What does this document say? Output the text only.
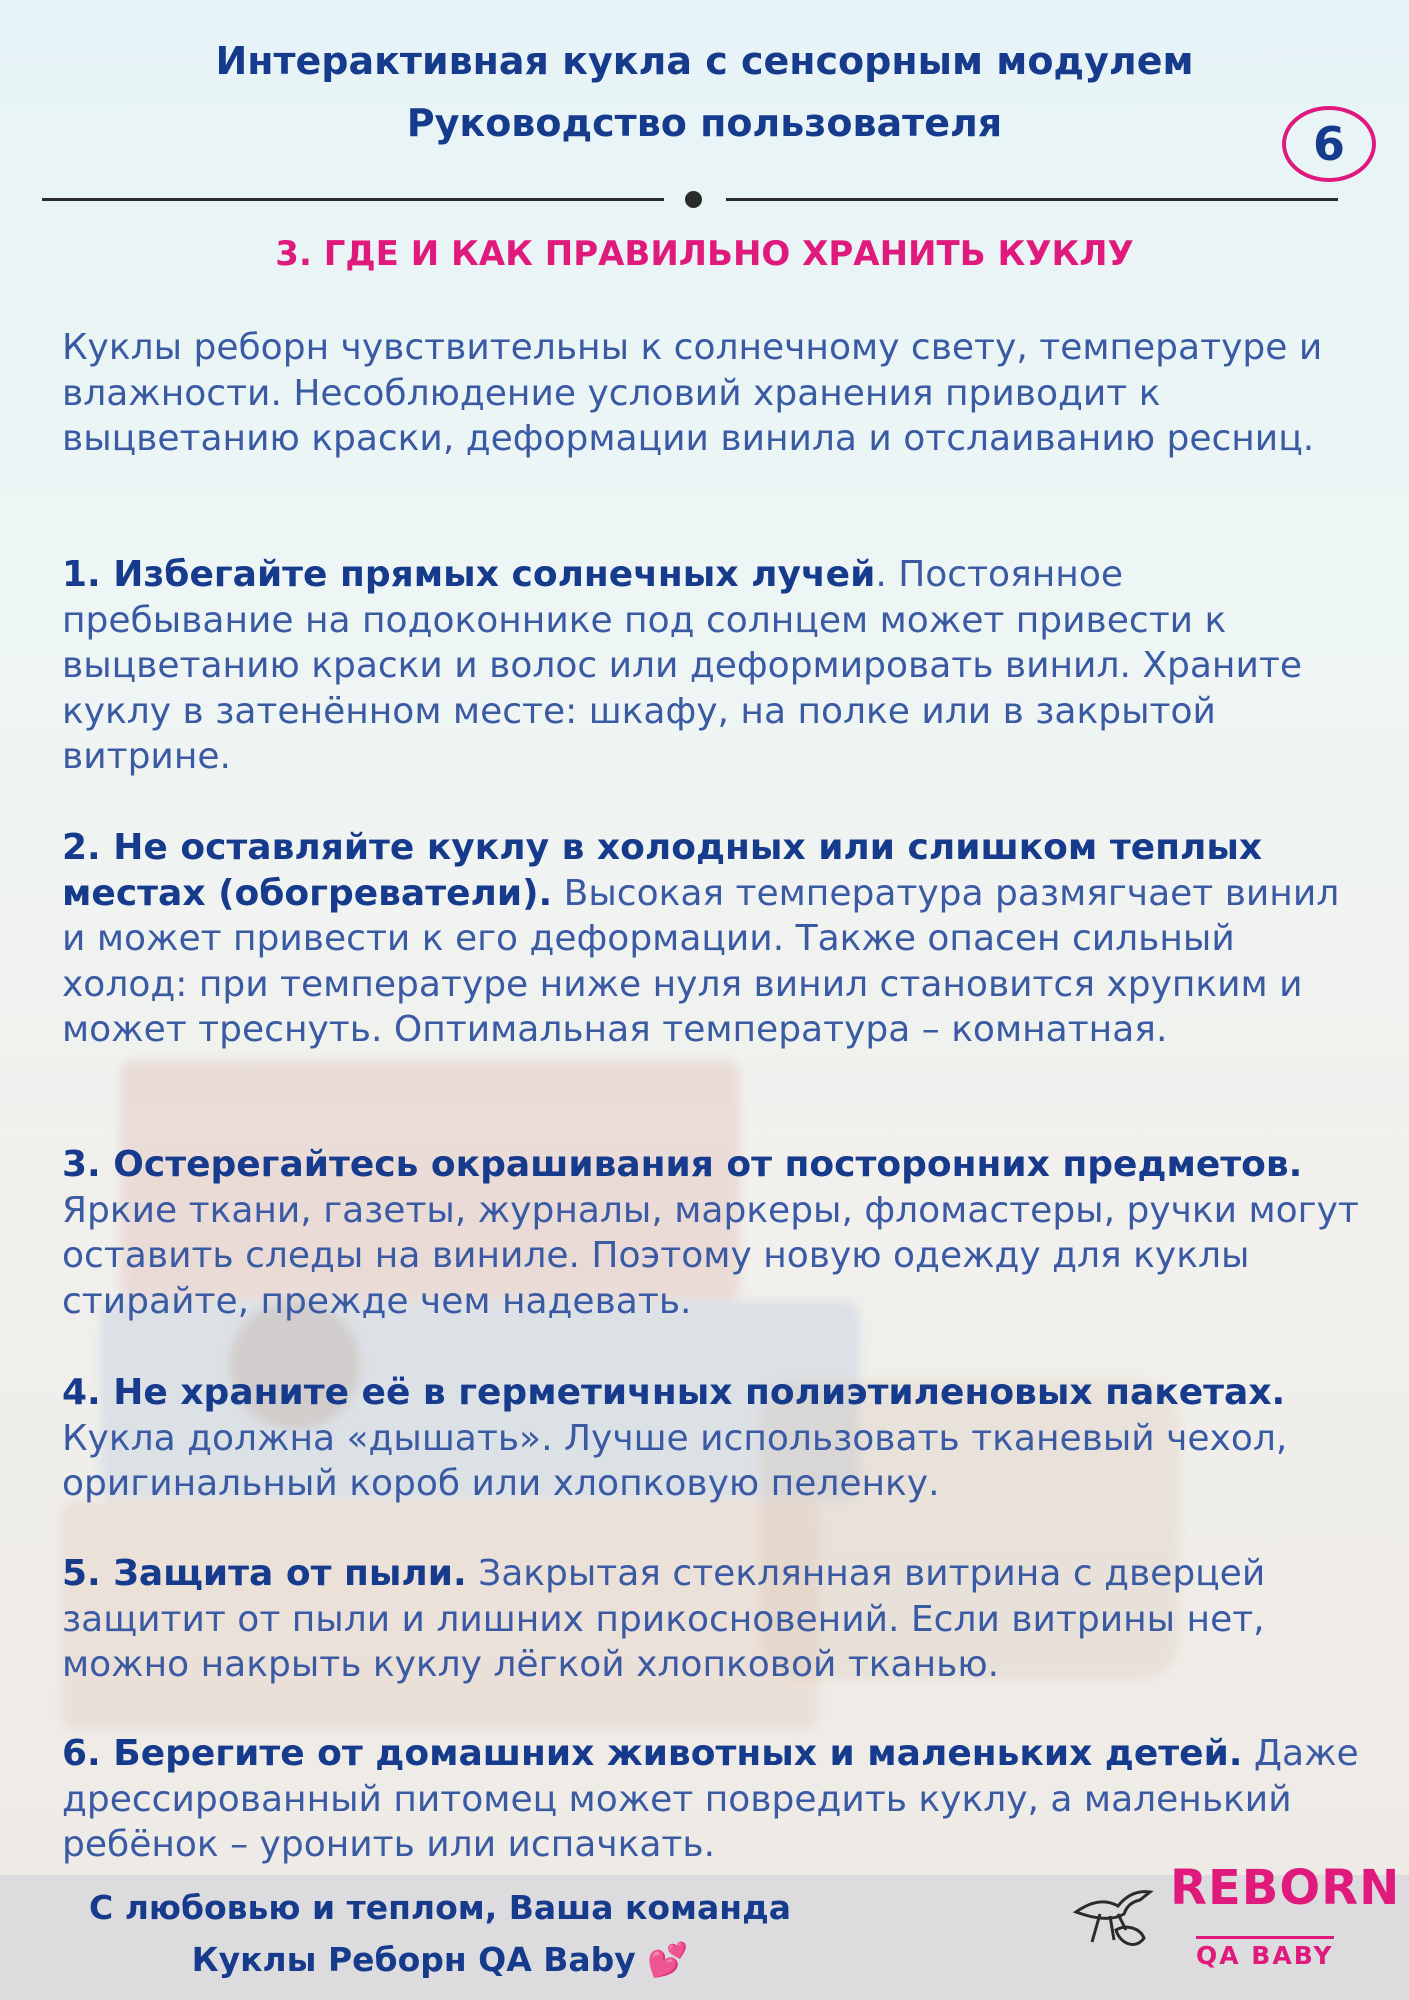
Интерактивная кукла с сенсорным модулем
Руководство пользователя	6
3. ГДЕ И КАК ПРАВИЛЬНО ХРАНИТЬ КУКЛУ
Куклы реборн чувствительны к солнечному свету, температуре и влажности. Несоблюдение условий хранения приводит к выцветанию краски, деформации винила и отслаиванию ресниц.
1. Избегайте прямых солнечных лучей. Постоянное пребывание на подоконнике под солнцем может привести к выцветанию краски и волос или деформировать винил. Храните куклу в затенённом месте: шкафу, на полке или в закрытой витрине.
2. Не оставляйте куклу в холодных или слишком теплых местах (обогреватели). Высокая температура размягчает винил и может привести к его деформации. Также опасен сильный холод: при температуре ниже нуля винил становится хрупким и может треснуть. Оптимальная температура – комнатная.
3. Остерегайтесь окрашивания от посторонних предметов. Яркие ткани, газеты, журналы, маркеры, фломастеры, ручки могут оставить следы на виниле. Поэтому новую одежду для куклы стирайте, прежде чем надевать.
4. Не храните её в герметичных полиэтиленовых пакетах. Кукла должна «дышать». Лучше использовать тканевый чехол, оригинальный короб или хлопковую пеленку.
5. Защита от пыли. Закрытая стеклянная витрина с дверцей защитит от пыли и лишних прикосновений. Если витрины нет, можно накрыть куклу лёгкой хлопковой тканью.
6. Берегите от домашних животных и маленьких детей. Даже дрессированный питомец может повредить куклу, а маленький ребёнок – уронить или испачкать.
С любовью и теплом, Ваша команда
Куклы Реборн QA Baby 💕
REBORN
QA BABY
